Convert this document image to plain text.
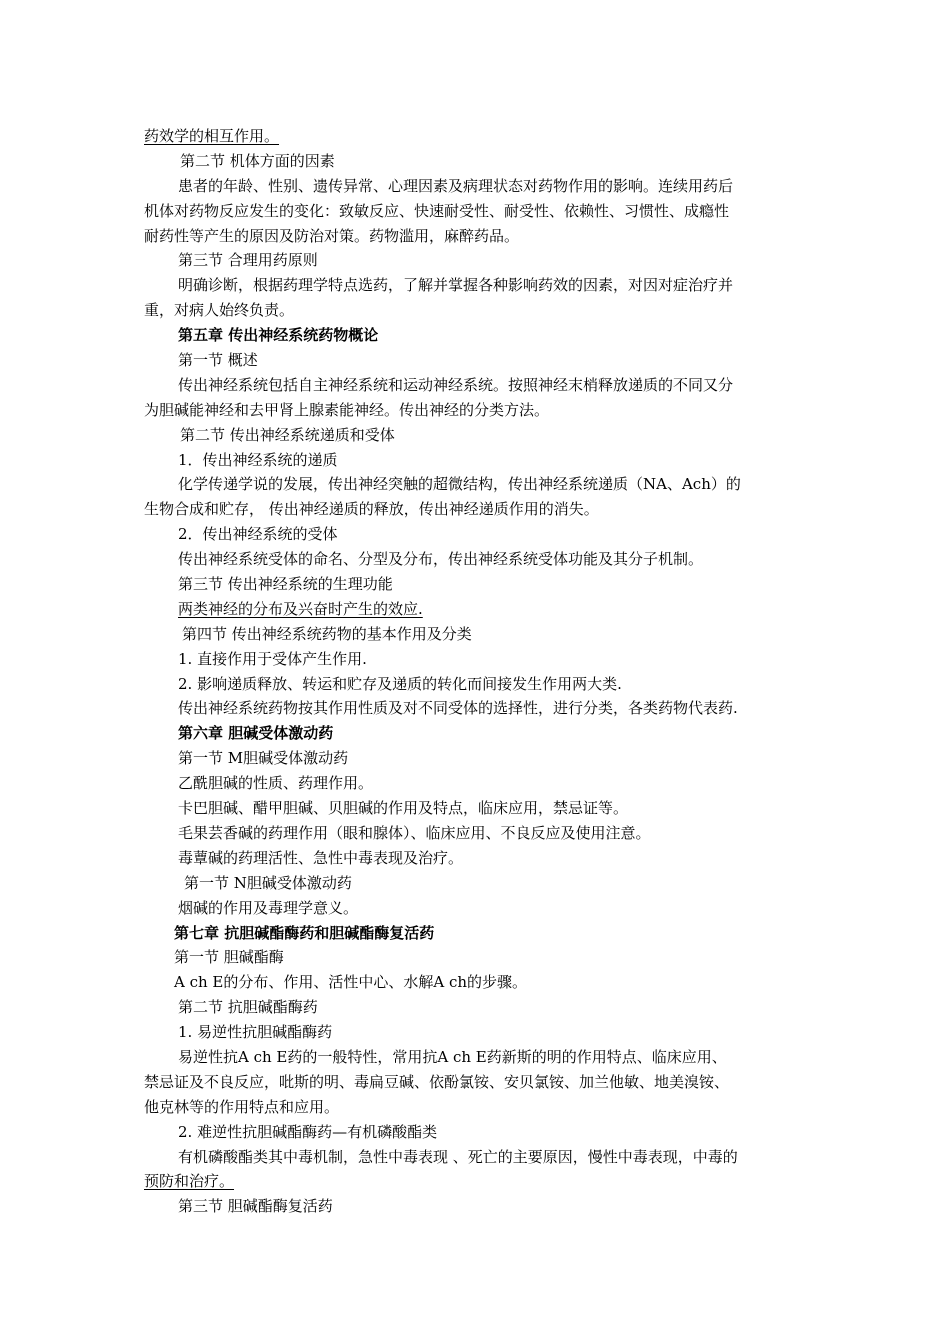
药效学的相互作用。
第二节 机体方面的因素
患者的年龄、性别、遗传异常、心理因素及病理状态对药物作用的影响。连续用药后
机体对药物反应发生的变化：致敏反应、快速耐受性、耐受性、依赖性、习惯性、成瘾性
耐药性等产生的原因及防治对策。药物滥用，麻醉药品。
第三节 合理用药原则
明确诊断，根据药理学特点选药，了解并掌握各种影响药效的因素，对因对症治疗并
重，对病人始终负责。
第五章 传出神经系统药物概论
第一节 概述
传出神经系统包括自主神经系统和运动神经系统。按照神经末梢释放递质的不同又分
为胆碱能神经和去甲肾上腺素能神经。传出神经的分类方法。
第二节 传出神经系统递质和受体
1．传出神经系统的递质
化学传递学说的发展，传出神经突触的超微结构，传出神经系统递质（NA、Ach）的
生物合成和贮存， 传出神经递质的释放，传出神经递质作用的消失。
2．传出神经系统的受体
传出神经系统受体的命名、分型及分布，传出神经系统受体功能及其分子机制。
第三节 传出神经系统的生理功能
两类神经的分布及兴奋时产生的效应.
第四节 传出神经系统药物的基本作用及分类
1. 直接作用于受体产生作用.
2. 影响递质释放、转运和贮存及递质的转化而间接发生作用两大类.
传出神经系统药物按其作用性质及对不同受体的选择性，进行分类，各类药物代表药.
第六章 胆碱受体激动药
第一节 M胆碱受体激动药
乙酰胆碱的性质、药理作用。
卡巴胆碱、醋甲胆碱、贝胆碱的作用及特点，临床应用，禁忌证等。
毛果芸香碱的药理作用（眼和腺体）、临床应用、不良反应及使用注意。
毒蕈碱的药理活性、急性中毒表现及治疗。
第一节 N胆碱受体激动药
烟碱的作用及毒理学意义。
第七章 抗胆碱酯酶药和胆碱酯酶复活药
第一节 胆碱酯酶
A ch E的分布、作用、活性中心、水解A ch的步骤。
第二节 抗胆碱酯酶药
1. 易逆性抗胆碱酯酶药
易逆性抗A ch E药的一般特性，常用抗A ch E药新斯的明的作用特点、临床应用、
禁忌证及不良反应，吡斯的明、毒扁豆碱、依酚氯铵、安贝氯铵、加兰他敏、地美溴铵、
他克林等的作用特点和应用。
2. 难逆性抗胆碱酯酶药—有机磷酸酯类
有机磷酸酯类其中毒机制，急性中毒表现 、死亡的主要原因，慢性中毒表现，中毒的
预防和治疗。
第三节 胆碱酯酶复活药
